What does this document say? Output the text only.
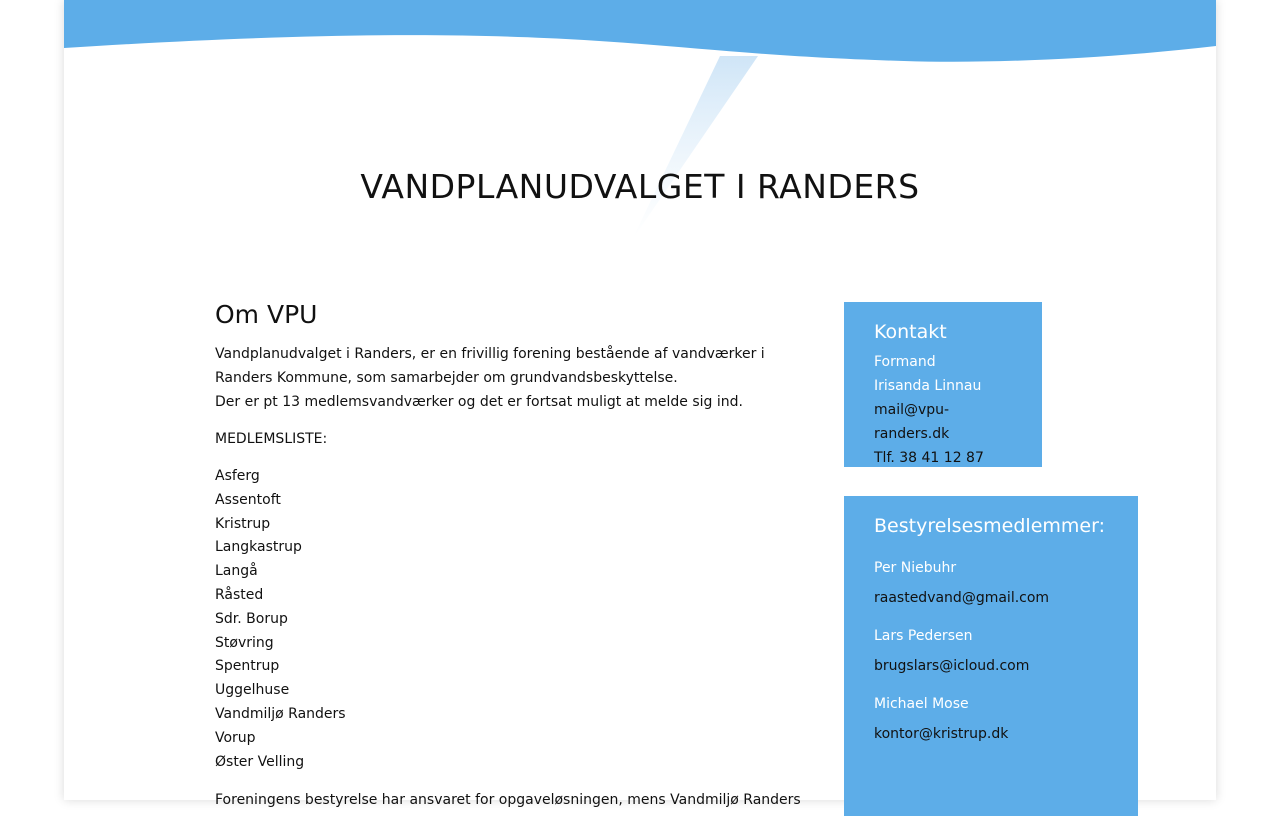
VANDPLANUDVALGET I RANDERS
Om VPU

Vandplanudvalget i Randers, er en frivillig forening bestående af vandværker i Randers Kommune, som samarbejder om grundvandsbeskyttelse.

Der er pt 13 medlemsvandværker og det er fortsat muligt at melde sig ind.

MEDLEMSLISTE:

Asferg
Assentoft
Kristrup
Langkastrup
Langå
Råsted
Sdr. Borup
Støvring
Spentrup
Uggelhuse
Vandmiljø Randers
Vorup
Øster Velling

Foreningens bestyrelse har ansvaret for opgaveløsningen, mens Vandmiljø Randers

Kontakt
Formand
Irisanda Linnau
mail@vpu-randers.dk
Tlf. 38 41 12 87
Bestyrelsesmedlemmer:
Per Niebuhr
raastedvand@gmail.com
Lars Pedersen
brugslars@icloud.com
Michael Mose
kontor@kristrup.dk
